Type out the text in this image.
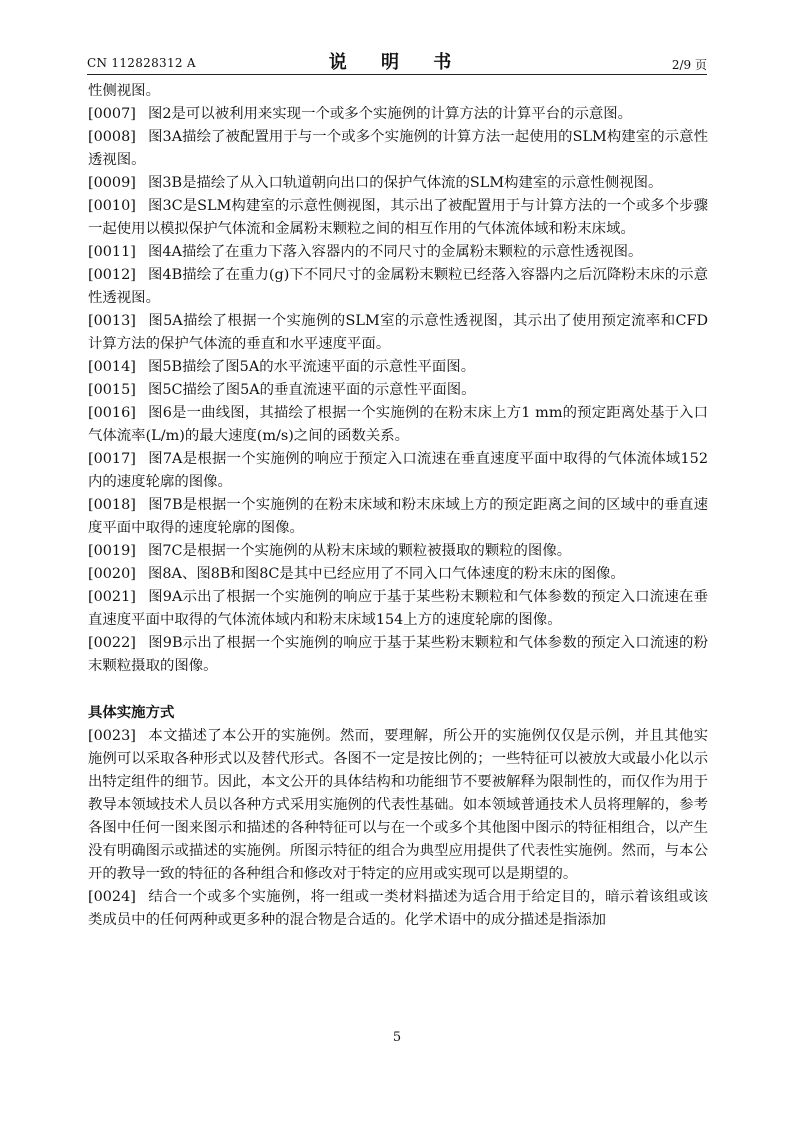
CN 112828312 A	说 明 书	2/9 页

性侧视图。

[0007] 图2是可以被利用来实现一个或多个实施例的计算方法的计算平台的示意图。

[0008] 图3A描绘了被配置用于与一个或多个实施例的计算方法一起使用的SLM构建室的示意性透视图。

[0009] 图3B是描绘了从入口轨道朝向出口的保护气体流的SLM构建室的示意性侧视图。

[0010] 图3C是SLM构建室的示意性侧视图，其示出了被配置用于与计算方法的一个或多个步骤一起使用以模拟保护气体流和金属粉末颗粒之间的相互作用的气体流体域和粉末床域。

[0011] 图4A描绘了在重力下落入容器内的不同尺寸的金属粉末颗粒的示意性透视图。

[0012] 图4B描绘了在重力(g)下不同尺寸的金属粉末颗粒已经落入容器内之后沉降粉末床的示意性透视图。

[0013] 图5A描绘了根据一个实施例的SLM室的示意性透视图，其示出了使用预定流率和CFD计算方法的保护气体流的垂直和水平速度平面。

[0014] 图5B描绘了图5A的水平流速平面的示意性平面图。

[0015] 图5C描绘了图5A的垂直流速平面的示意性平面图。

[0016] 图6是一曲线图，其描绘了根据一个实施例的在粉末床上方1 mm的预定距离处基于入口气体流率(L/m)的最大速度(m/s)之间的函数关系。

[0017] 图7A是根据一个实施例的响应于预定入口流速在垂直速度平面中取得的气体流体域152内的速度轮廓的图像。

[0018] 图7B是根据一个实施例的在粉末床域和粉末床域上方的预定距离之间的区域中的垂直速度平面中取得的速度轮廓的图像。

[0019] 图7C是根据一个实施例的从粉末床域的颗粒被摄取的颗粒的图像。

[0020] 图8A、图8B和图8C是其中已经应用了不同入口气体速度的粉末床的图像。

[0021] 图9A示出了根据一个实施例的响应于基于某些粉末颗粒和气体参数的预定入口流速在垂直速度平面中取得的气体流体域内和粉末床域154上方的速度轮廓的图像。

[0022] 图9B示出了根据一个实施例的响应于基于某些粉末颗粒和气体参数的预定入口流速的粉末颗粒摄取的图像。

具体实施方式

[0023] 本文描述了本公开的实施例。然而，要理解，所公开的实施例仅仅是示例，并且其他实施例可以采取各种形式以及替代形式。各图不一定是按比例的；一些特征可以被放大或最小化以示出特定组件的细节。因此，本文公开的具体结构和功能细节不要被解释为限制性的，而仅作为用于教导本领域技术人员以各种方式采用实施例的代表性基础。如本领域普通技术人员将理解的，参考各图中任何一图来图示和描述的各种特征可以与在一个或多个其他图中图示的特征相组合，以产生没有明确图示或描述的实施例。所图示特征的组合为典型应用提供了代表性实施例。然而，与本公开的教导一致的特征的各种组合和修改对于特定的应用或实现可以是期望的。

[0024] 结合一个或多个实施例，将一组或一类材料描述为适合用于给定目的，暗示着该组或该类成员中的任何两种或更多种的混合物是合适的。化学术语中的成分描述是指添加

5
